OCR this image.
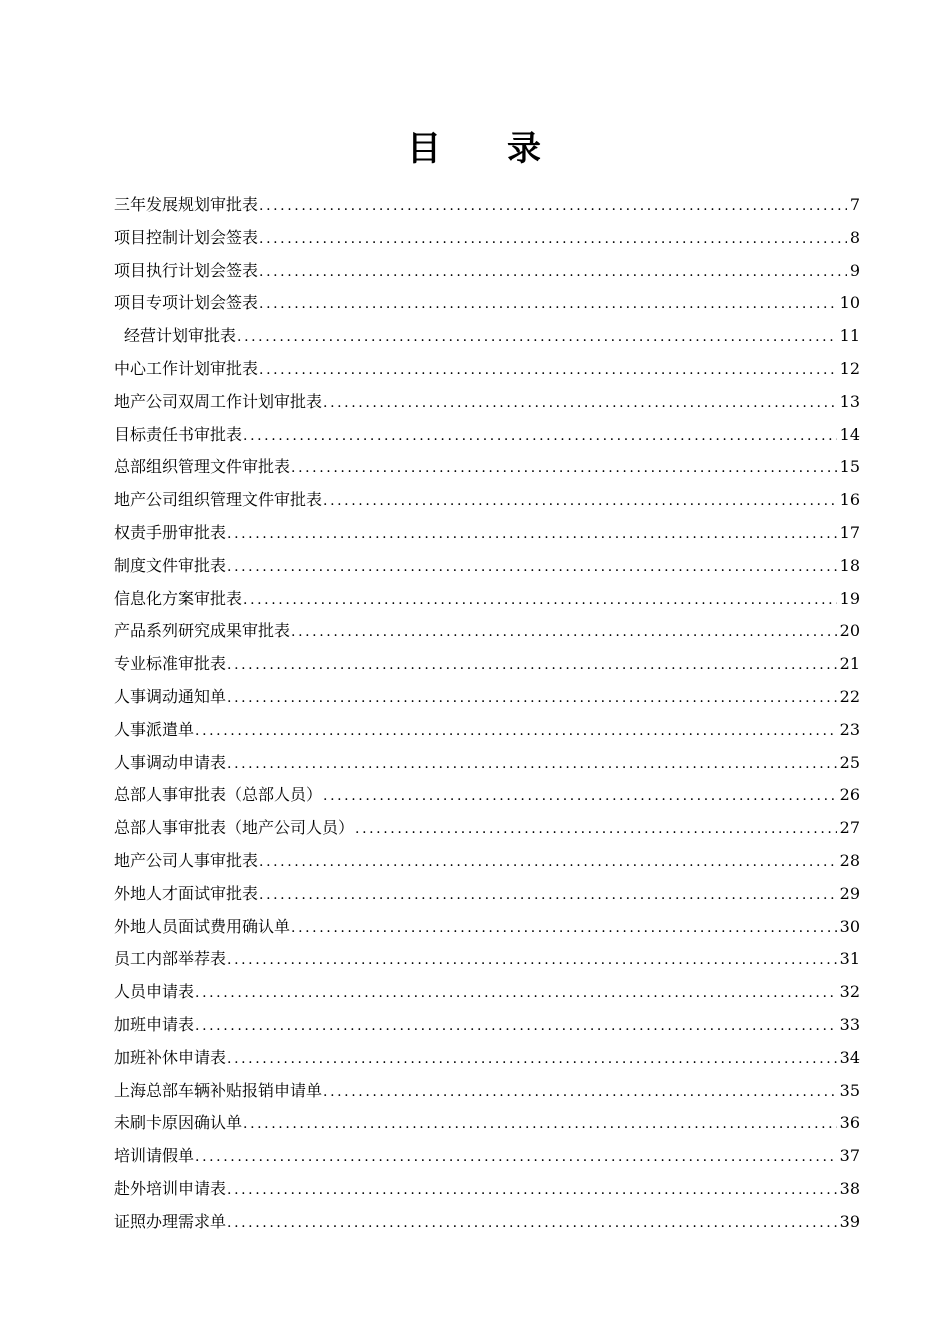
目 录
三年发展规划审批表 .....	7
项目控制计划会签表 .....	8
项目执行计划会签表 .....	9
项目专项计划会签表 .....	10
经营计划审批表 .....	11
中心工作计划审批表 .....	12
地产公司双周工作计划审批表 .....	13
目标责任书审批表 .....	14
总部组织管理文件审批表 .....	15
地产公司组织管理文件审批表 .....	16
权责手册审批表 .....	17
制度文件审批表 .....	18
信息化方案审批表 .....	19
产品系列研究成果审批表 .....	20
专业标准审批表 .....	21
人事调动通知单 .....	22
人事派遣单 .....	23
人事调动申请表 .....	25
总部人事审批表（总部人员） .....	26
总部人事审批表（地产公司人员） .....	27
地产公司人事审批表 .....	28
外地人才面试审批表 .....	29
外地人员面试费用确认单 .....	30
员工内部举荐表 .....	31
人员申请表 .....	32
加班申请表 .....	33
加班补休申请表 .....	34
上海总部车辆补贴报销申请单 .....	35
未刷卡原因确认单 .....	36
培训请假单 .....	37
赴外培训申请表 .....	38
证照办理需求单 .....	39
